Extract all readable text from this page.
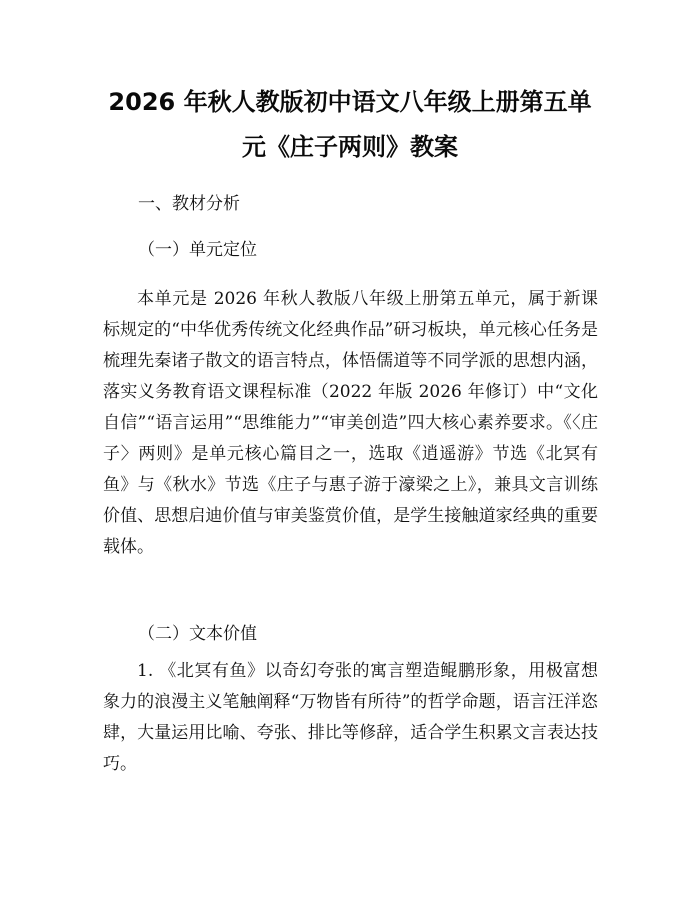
2026 年秋人教版初中语文八年级上册第五单
元《庄子两则》教案
一、教材分析
（一）单元定位

本单元是 2026 年秋人教版八年级上册第五单元，属于新课标规定的“中华优秀传统文化经典作品”研习板块，单元核心任务是梳理先秦诸子散文的语言特点，体悟儒道等不同学派的思想内涵，落实义务教育语文课程标准（2022 年版 2026 年修订）中“文化自信”“语言运用”“思维能力”“审美创造”四大核心素养要求。《〈庄子〉两则》是单元核心篇目之一，选取《逍遥游》节选《北冥有鱼》与《秋水》节选《庄子与惠子游于濠梁之上》，兼具文言训练价值、思想启迪价值与审美鉴赏价值，是学生接触道家经典的重要载体。

（二）文本价值

1. 《北冥有鱼》以奇幻夸张的寓言塑造鲲鹏形象，用极富想象力的浪漫主义笔触阐释“万物皆有所待”的哲学命题，语言汪洋恣肆，大量运用比喻、夸张、排比等修辞，适合学生积累文言表达技巧。
